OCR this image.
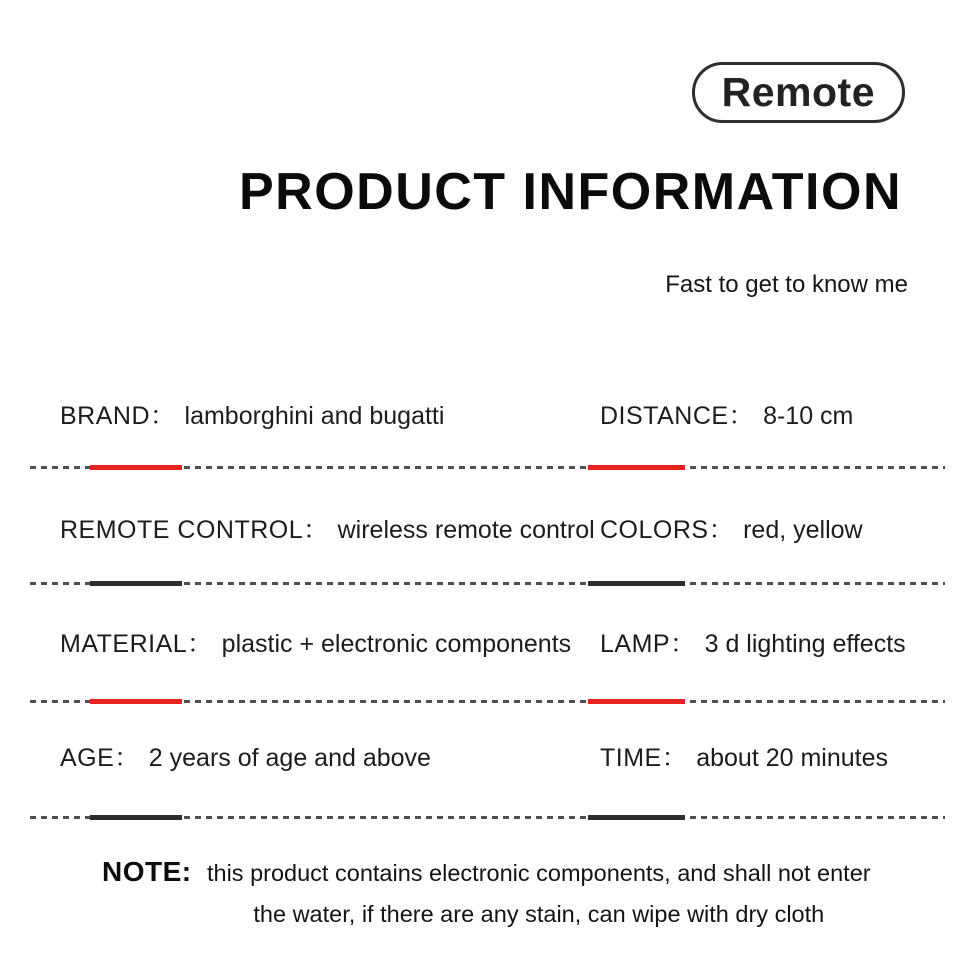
Remote
PRODUCT INFORMATION
Fast to get to know me
BRAND： lamborghini and bugatti	DISTANCE： 8-10 cm
REMOTE CONTROL： wireless remote control COLORS： red, yellow
MATERIAL： plastic + electronic components	LAMP： 3 d lighting effects
AGE： 2 years of age and above	TIME： about 20 minutes
NOTE: this product contains electronic components, and shall not enter
the water, if there are any stain, can wipe with dry cloth
